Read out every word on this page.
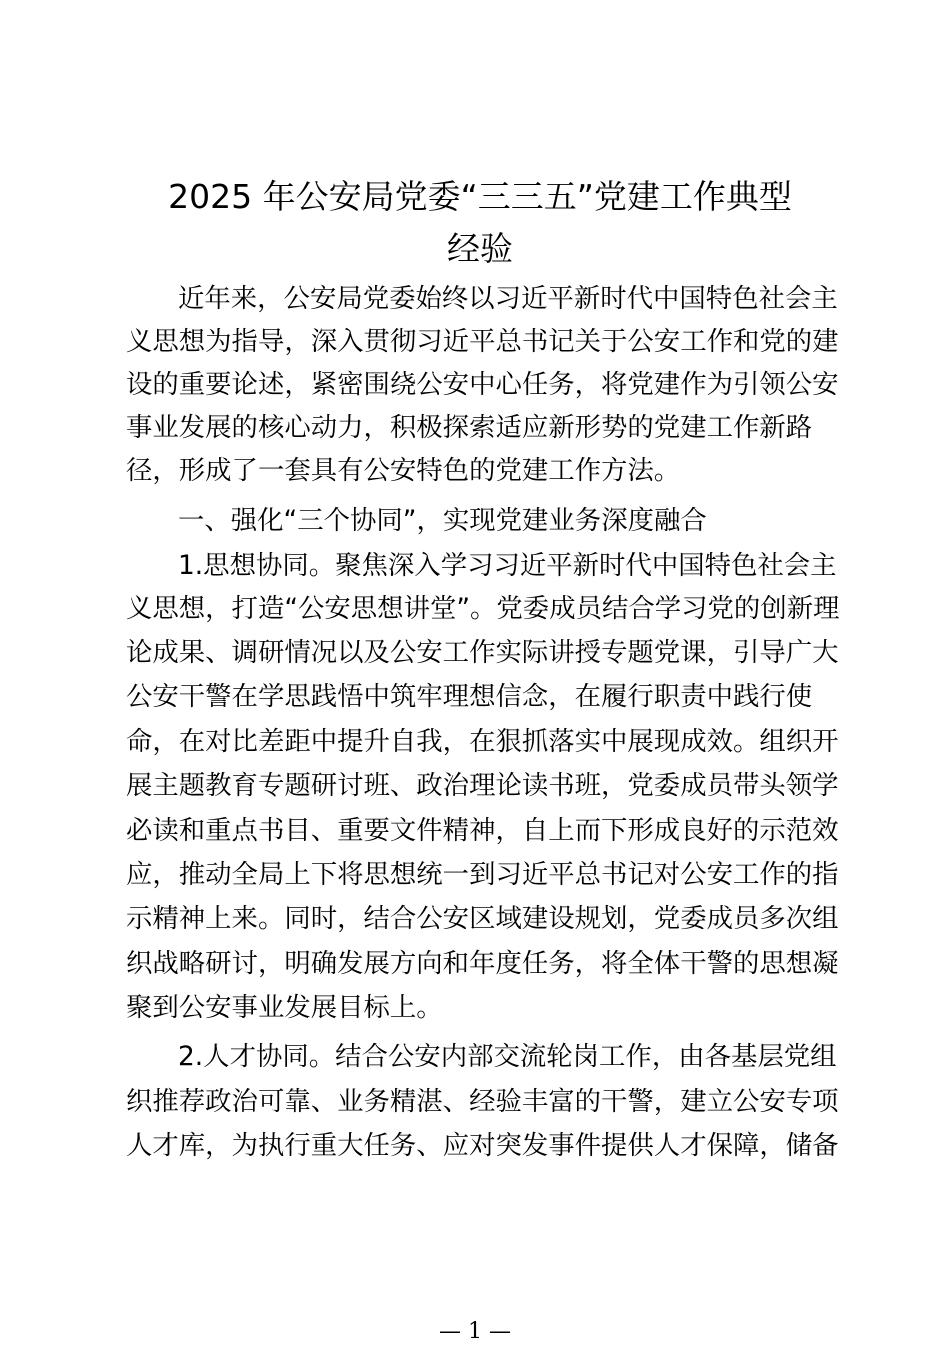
2025 年公安局党委“三三五”党建工作典型
经验

近年来，公安局党委始终以习近平新时代中国特色社会主

义思想为指导，深入贯彻习近平总书记关于公安工作和党的建

设的重要论述，紧密围绕公安中心任务，将党建作为引领公安

事业发展的核心动力，积极探索适应新形势的党建工作新路

径，形成了一套具有公安特色的党建工作方法。

一、强化“三个协同”，实现党建业务深度融合

1.思想协同。聚焦深入学习习近平新时代中国特色社会主

义思想，打造“公安思想讲堂”。党委成员结合学习党的创新理

论成果、调研情况以及公安工作实际讲授专题党课，引导广大

公安干警在学思践悟中筑牢理想信念，在履行职责中践行使

命，在对比差距中提升自我，在狠抓落实中展现成效。组织开

展主题教育专题研讨班、政治理论读书班，党委成员带头领学

必读和重点书目、重要文件精神，自上而下形成良好的示范效

应，推动全局上下将思想统一到习近平总书记对公安工作的指

示精神上来。同时，结合公安区域建设规划，党委成员多次组

织战略研讨，明确发展方向和年度任务，将全体干警的思想凝

聚到公安事业发展目标上。

2.人才协同。结合公安内部交流轮岗工作，由各基层党组

织推荐政治可靠、业务精湛、经验丰富的干警，建立公安专项

人才库，为执行重大任务、应对突发事件提供人才保障，储备

— 1 —
